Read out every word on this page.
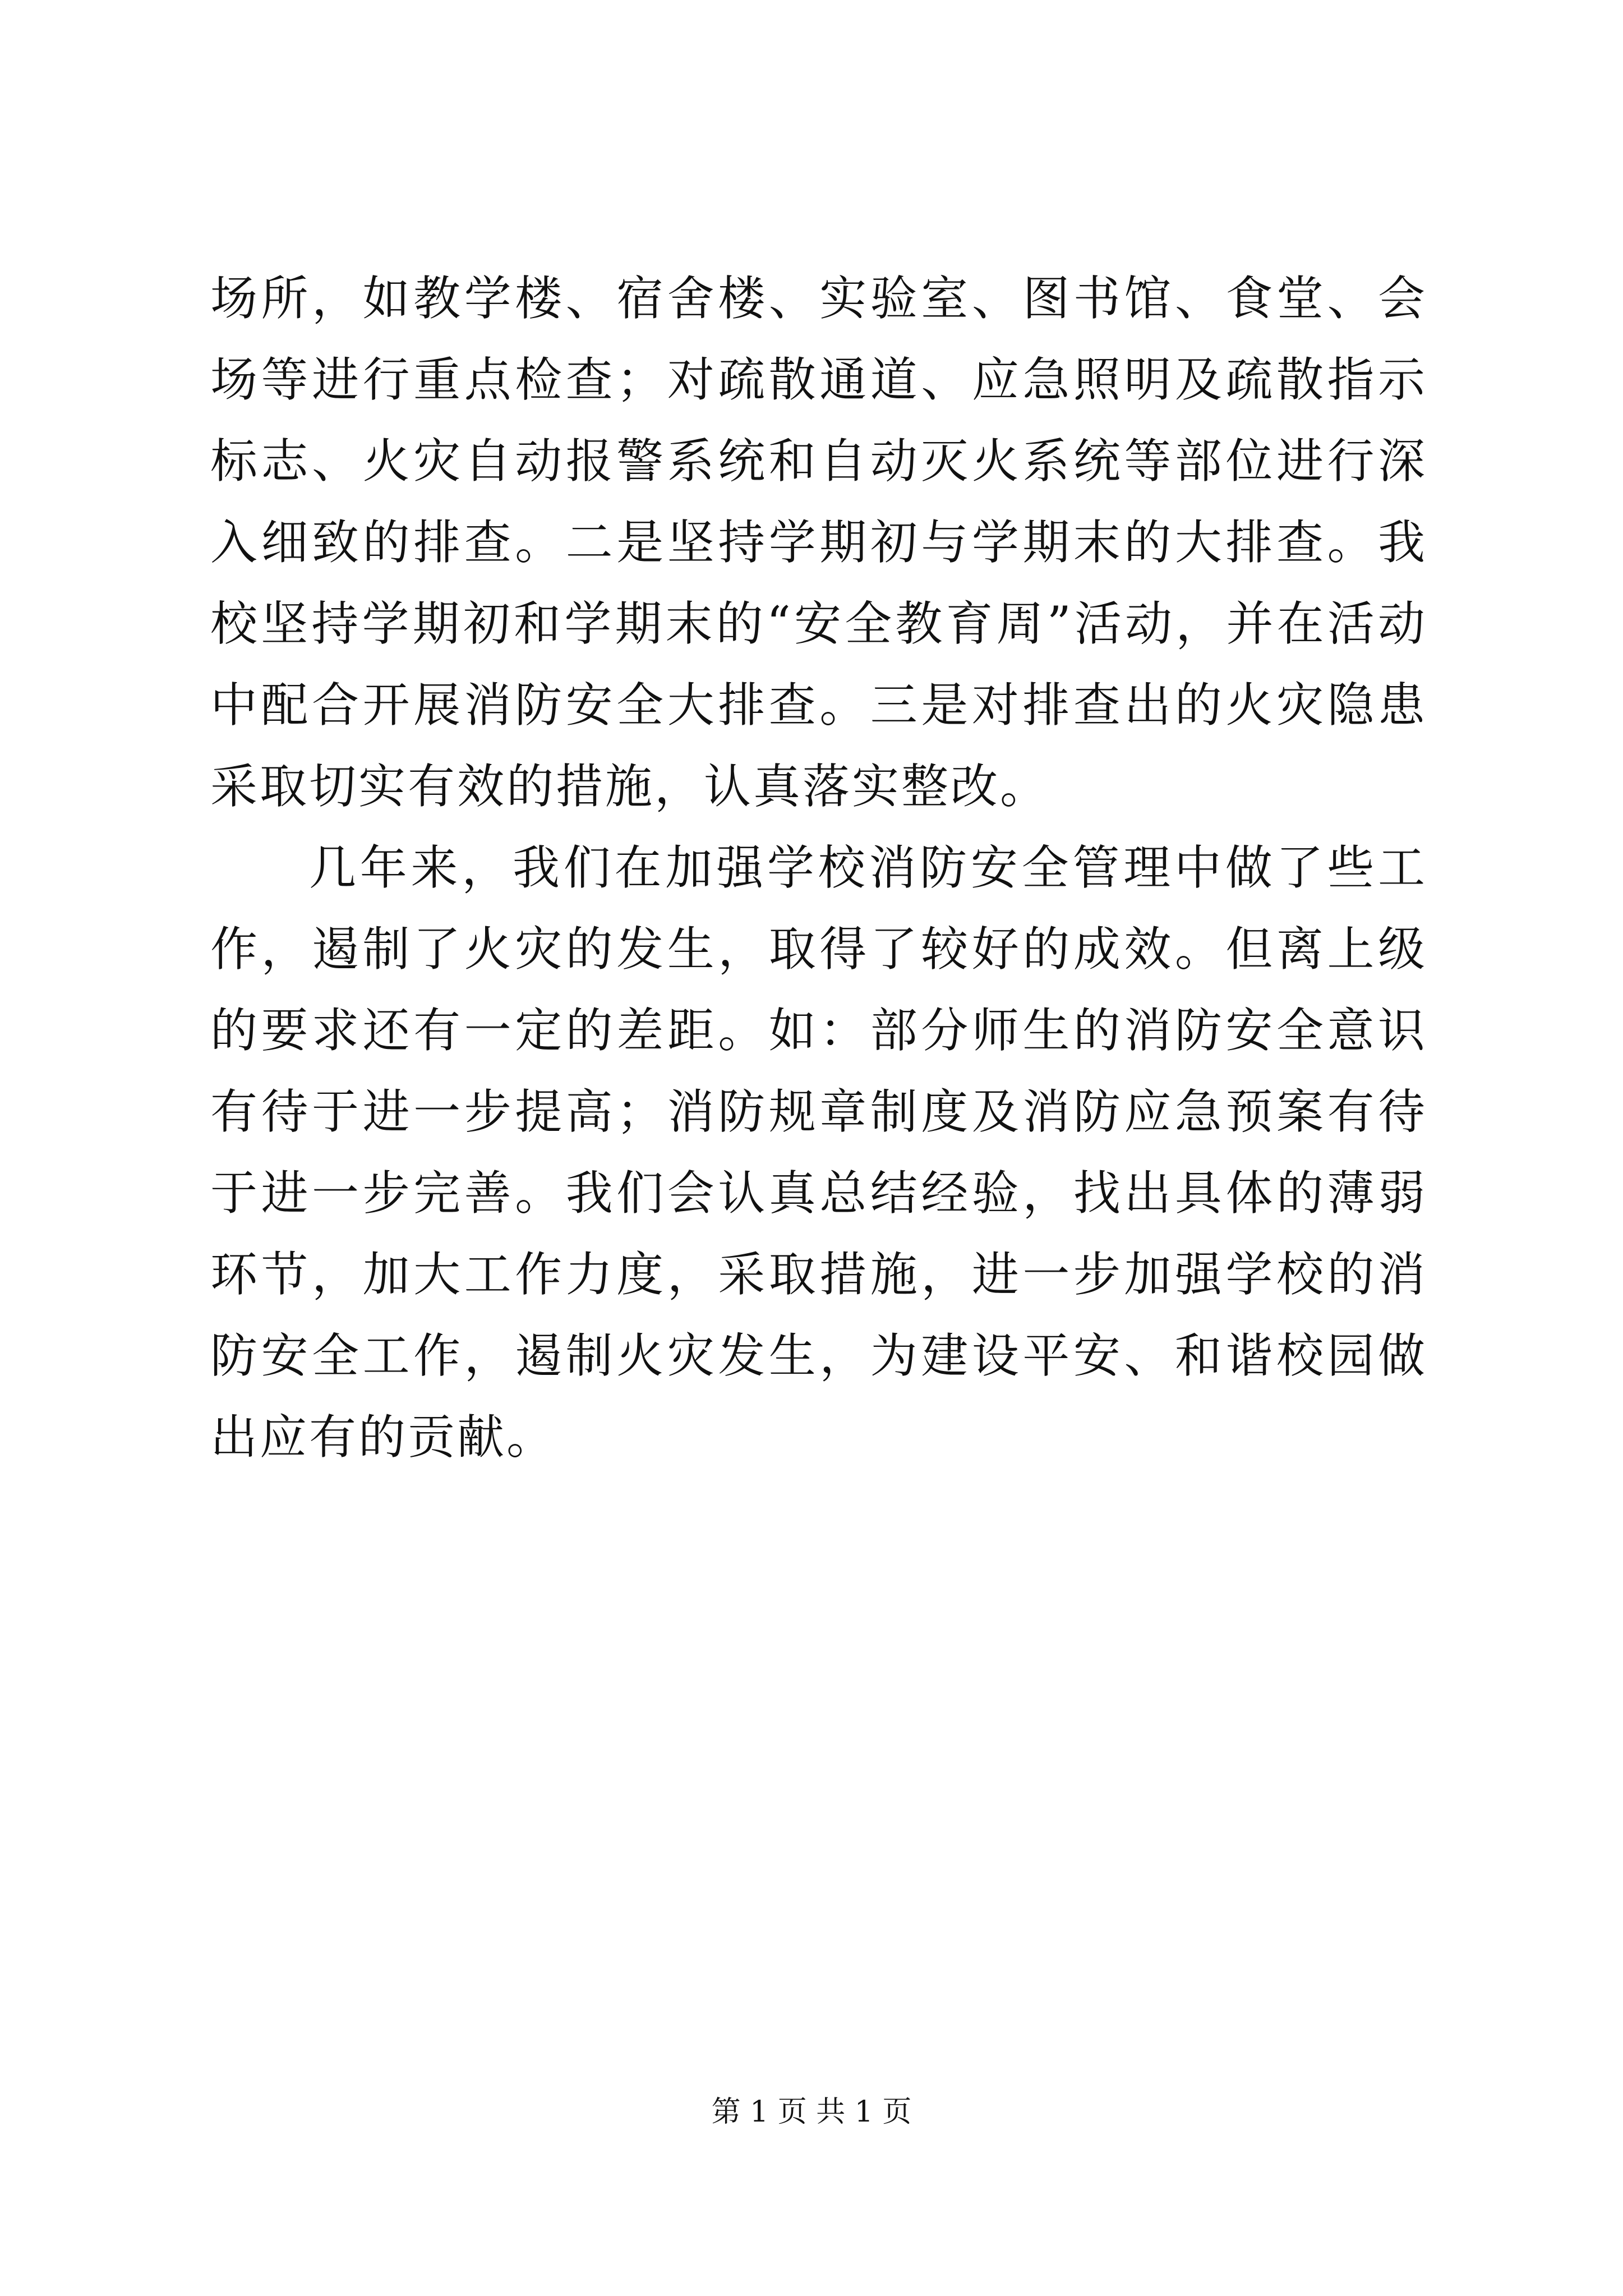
场所，如教学楼、宿舍楼、实验室、图书馆、食堂、会场等进行重点检查；对疏散通道、应急照明及疏散指示标志、火灾自动报警系统和自动灭火系统等部位进行深入细致的排查。二是坚持学期初与学期末的大排查。我校坚持学期初和学期末的“安全教育周”活动，并在活动中配合开展消防安全大排查。三是对排查出的火灾隐患采取切实有效的措施，认真落实整改。

几年来，我们在加强学校消防安全管理中做了些工作，遏制了火灾的发生，取得了较好的成效。但离上级的要求还有一定的差距。如：部分师生的消防安全意识有待于进一步提高；消防规章制度及消防应急预案有待于进一步完善。我们会认真总结经验，找出具体的薄弱环节，加大工作力度，采取措施，进一步加强学校的消防安全工作，遏制火灾发生，为建设平安、和谐校园做出应有的贡献。

第 1 页 共 1 页
